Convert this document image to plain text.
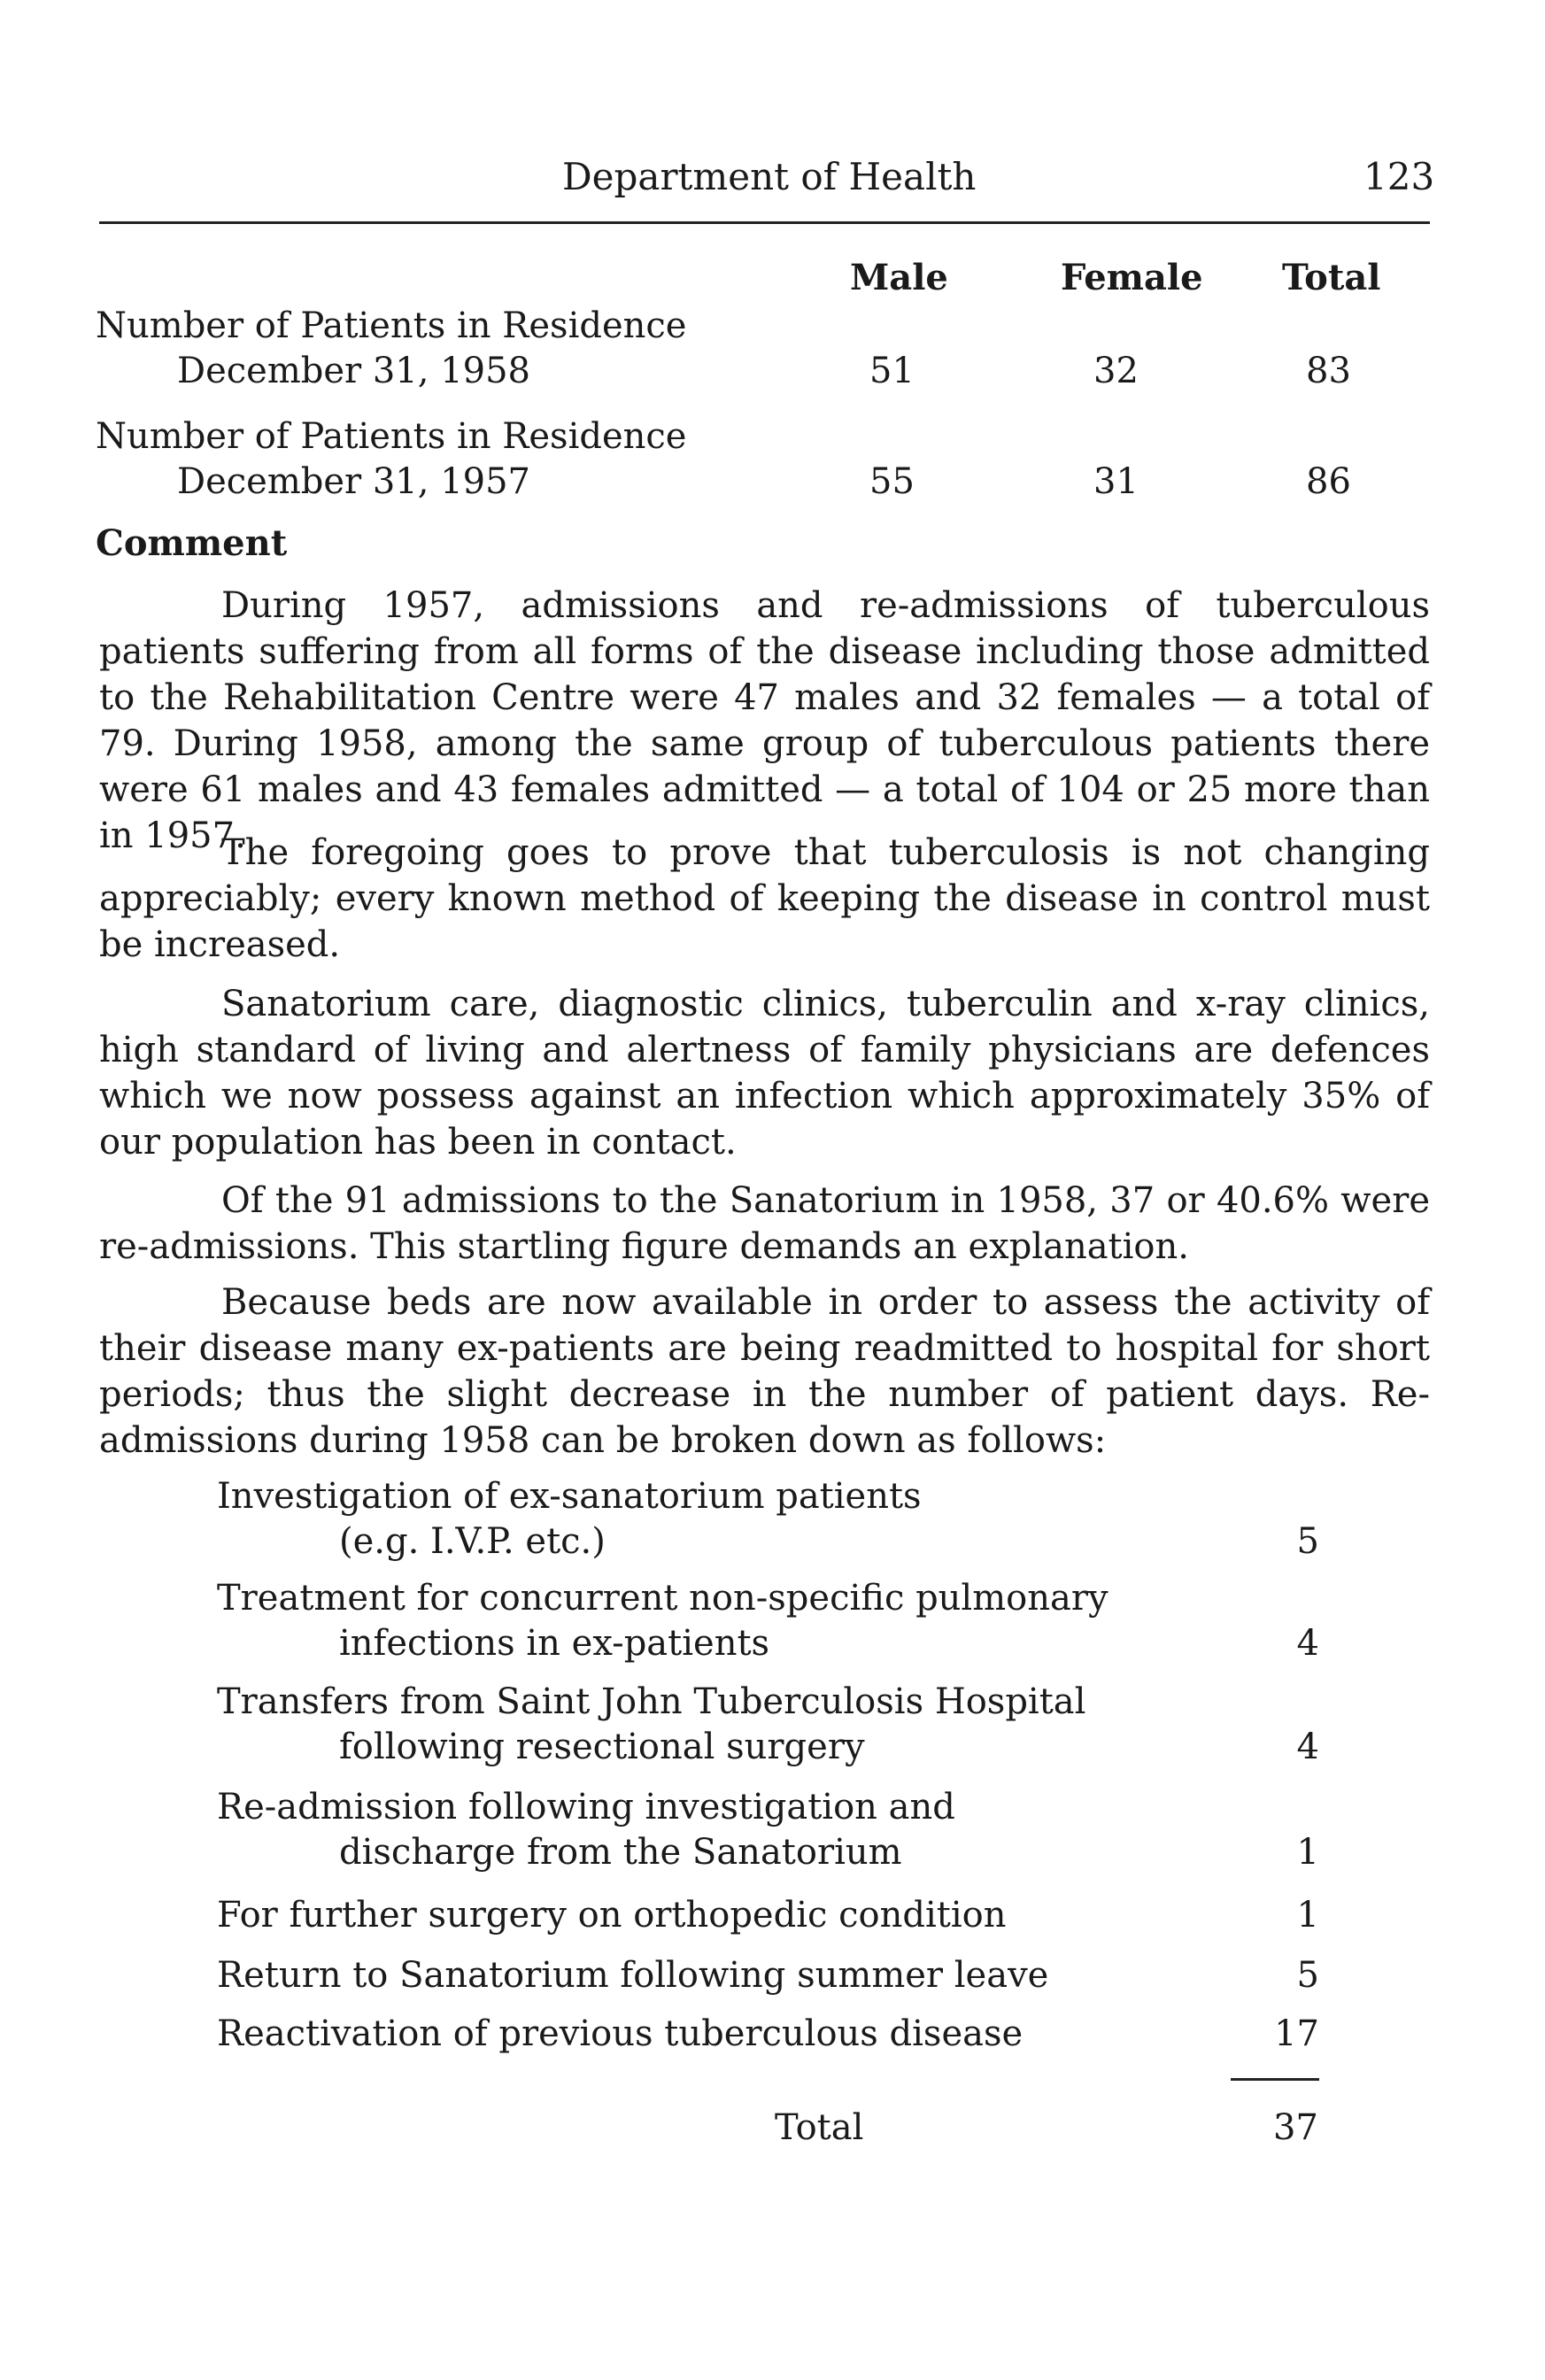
Department of Health	123
Male	Female Total
Number of Patients in Residence
December 31, 1958	51	32	83
Number of Patients in Residence
December 31, 1957	55	31	86
Comment

During 1957, admissions and re-admissions of tuberculous patients suffering from all forms of the disease including those admitted to the Rehabilitation Centre were 47 males and 32 females — a total of 79. During 1958, among the same group of tuberculous patients there were 61 males and 43 females admitted — a total of 104 or 25 more than in 1957.

The foregoing goes to prove that tuberculosis is not changing appreciably; every known method of keeping the disease in control must be increased.

Sanatorium care, diagnostic clinics, tuberculin and x-ray clinics, high standard of living and alertness of family physicians are defences which we now possess against an infection which approximately 35% of our population has been in contact.

Of the 91 admissions to the Sanatorium in 1958, 37 or 40.6% were re-admissions. This startling figure demands an explanation.

Because beds are now available in order to assess the activity of their disease many ex-patients are being readmitted to hospital for short periods; thus the slight decrease in the number of patient days. Re-admissions during 1958 can be broken down as follows:

Investigation of ex-sanatorium patients
(e.g. I.V.P. etc.)	5
Treatment for concurrent non-specific pulmonary
infections in ex-patients	4
Transfers from Saint John Tuberculosis Hospital
following resectional surgery	4
Re-admission following investigation and
discharge from the Sanatorium	1
For further surgery on orthopedic condition	1
Return to Sanatorium following summer leave	5
Reactivation of previous tuberculous disease	17
Total	37
